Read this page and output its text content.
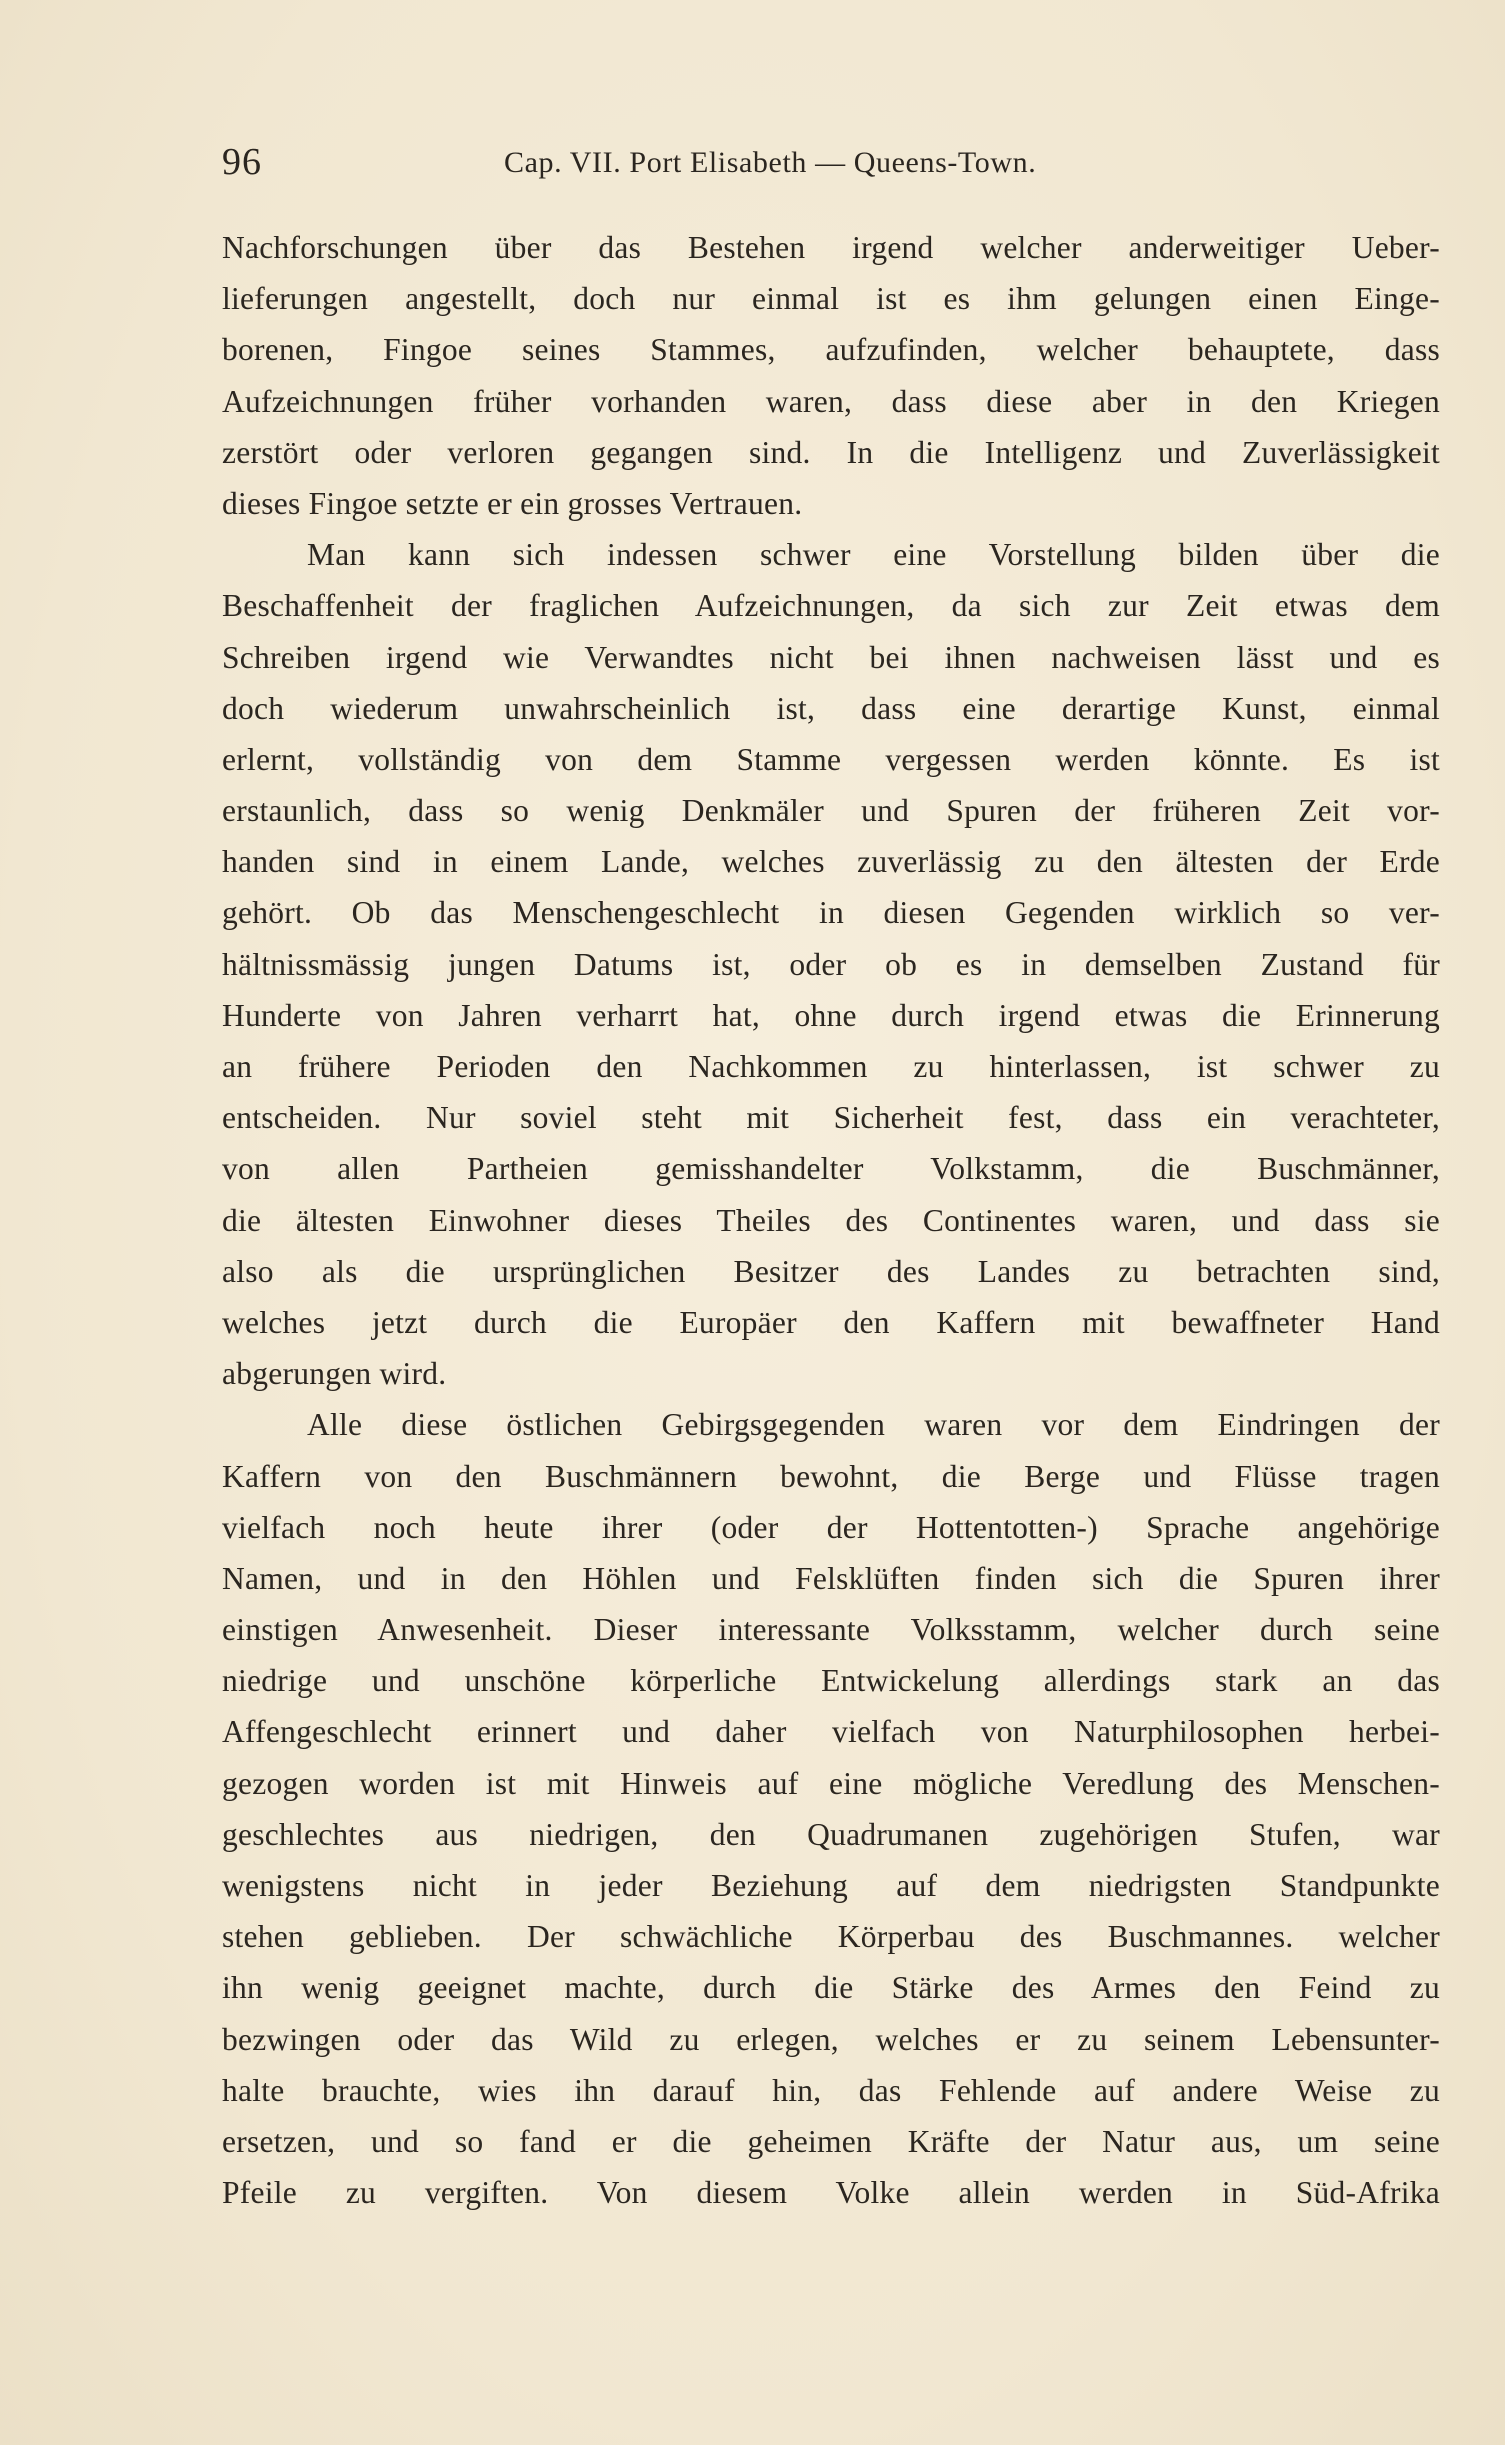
96	Cap. VII. Port Elisabeth — Queens-Town.
Nachforschungen über das Bestehen irgend welcher anderweitiger Ueber-
lieferungen angestellt, doch nur einmal ist es ihm gelungen einen Einge-
borenen, Fingoe seines Stammes, aufzufinden, welcher behauptete, dass
Aufzeichnungen früher vorhanden waren, dass diese aber in den Kriegen
zerstört oder verloren gegangen sind. In die Intelligenz und Zuverlässigkeit
dieses Fingoe setzte er ein grosses Vertrauen.
Man kann sich indessen schwer eine Vorstellung bilden über die
Beschaffenheit der fraglichen Aufzeichnungen, da sich zur Zeit etwas dem
Schreiben irgend wie Verwandtes nicht bei ihnen nachweisen lässt und es
doch wiederum unwahrscheinlich ist, dass eine derartige Kunst, einmal
erlernt, vollständig von dem Stamme vergessen werden könnte. Es ist
erstaunlich, dass so wenig Denkmäler und Spuren der früheren Zeit vor-
handen sind in einem Lande, welches zuverlässig zu den ältesten der Erde
gehört. Ob das Menschengeschlecht in diesen Gegenden wirklich so ver-
hältnissmässig jungen Datums ist, oder ob es in demselben Zustand für
Hunderte von Jahren verharrt hat, ohne durch irgend etwas die Erinnerung
an frühere Perioden den Nachkommen zu hinterlassen, ist schwer zu
entscheiden. Nur soviel steht mit Sicherheit fest, dass ein verachteter,
von allen Partheien gemisshandelter Volkstamm, die Buschmänner,
die ältesten Einwohner dieses Theiles des Continentes waren, und dass sie
also als die ursprünglichen Besitzer des Landes zu betrachten sind,
welches jetzt durch die Europäer den Kaffern mit bewaffneter Hand
abgerungen wird.
Alle diese östlichen Gebirgsgegenden waren vor dem Eindringen der
Kaffern von den Buschmännern bewohnt, die Berge und Flüsse tragen
vielfach noch heute ihrer (oder der Hottentotten-) Sprache angehörige
Namen, und in den Höhlen und Felsklüften finden sich die Spuren ihrer
einstigen Anwesenheit. Dieser interessante Volksstamm, welcher durch seine
niedrige und unschöne körperliche Entwickelung allerdings stark an das
Affengeschlecht erinnert und daher vielfach von Naturphilosophen herbei-
gezogen worden ist mit Hinweis auf eine mögliche Veredlung des Menschen-
geschlechtes aus niedrigen, den Quadrumanen zugehörigen Stufen, war
wenigstens nicht in jeder Beziehung auf dem niedrigsten Standpunkte
stehen geblieben. Der schwächliche Körperbau des Buschmannes. welcher
ihn wenig geeignet machte, durch die Stärke des Armes den Feind zu
bezwingen oder das Wild zu erlegen, welches er zu seinem Lebensunter-
halte brauchte, wies ihn darauf hin, das Fehlende auf andere Weise zu
ersetzen, und so fand er die geheimen Kräfte der Natur aus, um seine
Pfeile zu vergiften. Von diesem Volke allein werden in Süd-Afrika
